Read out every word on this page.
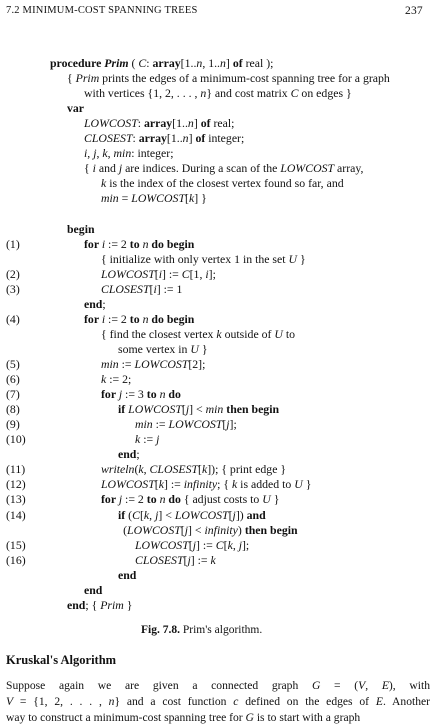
7.2 MINIMUM-COST SPANNING TREES	237
procedure Prim ( C: array[1..n, 1..n] of real );
{ Prim prints the edges of a minimum-cost spanning tree for a graph
with vertices {1, 2, . . . , n} and cost matrix C on edges }
var
LOWCOST: array[1..n] of real;
CLOSEST: array[1..n] of integer;
i, j, k, min: integer;
{ i and j are indices. During a scan of the LOWCOST array,
k is the index of the closest vertex found so far, and
min = LOWCOST[k] }
begin
(1)	for i := 2 to n do begin
{ initialize with only vertex 1 in the set U }
(2)	LOWCOST[i] := C[1, i];
(3)	CLOSEST[i] := 1
end;
(4)	for i := 2 to n do begin
{ find the closest vertex k outside of U to
some vertex in U }
(5)	min := LOWCOST[2];
(6)	k := 2;
(7)	for j := 3 to n do
(8)	if LOWCOST[j] < min then begin
(9)	min := LOWCOST[j];
(10)	k := j
end;
(11)	writeln(k, CLOSEST[k]); { print edge }
(12)	LOWCOST[k] := infinity; { k is added to U }
(13)	for j := 2 to n do { adjust costs to U }
(14)	if (C[k, j] < LOWCOST[j]) and
(LOWCOST[j] < infinity) then begin
(15)	LOWCOST[j] := C[k, j];
(16)	CLOSEST[j] := k
end
end
end; { Prim }
Fig. 7.8. Prim's algorithm.
Kruskal's Algorithm
Suppose again we are given a connected graph G = (V, E), with
V = {1, 2, . . . , n} and a cost function c defined on the edges of E. Another
way to construct a minimum-cost spanning tree for G is to start with a graph
